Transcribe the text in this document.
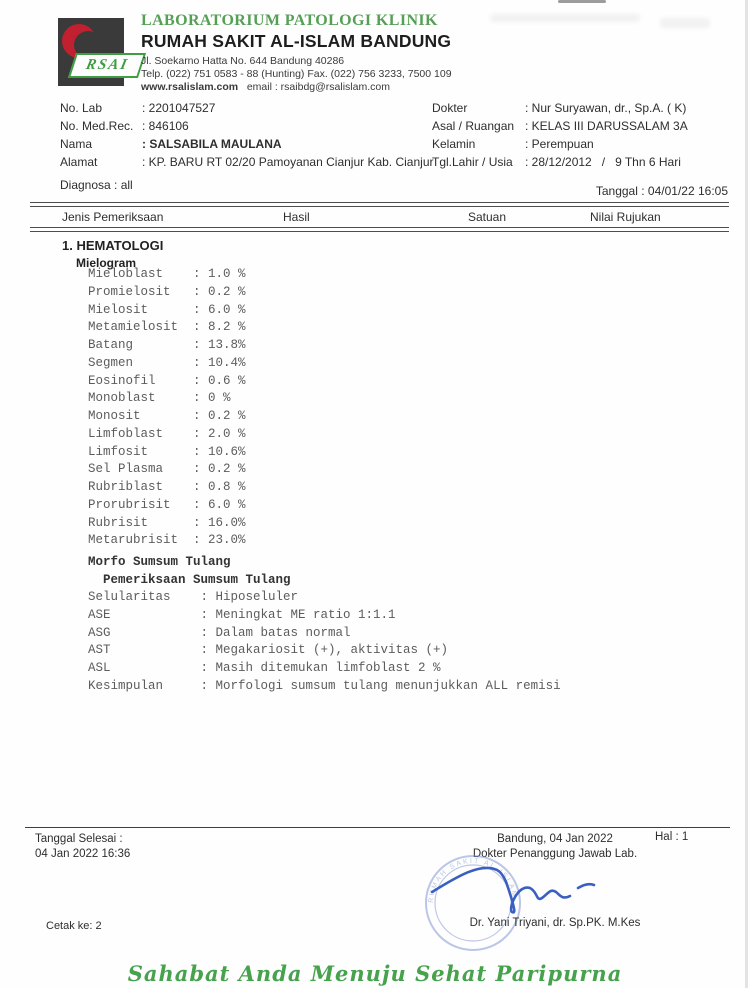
RSAI
LABORATORIUM PATOLOGI KLINIK
RUMAH SAKIT AL-ISLAM BANDUNG
Jl. Soekarno Hatta No. 644 Bandung 40286
Telp. (022) 751 0583 - 88 (Hunting) Fax. (022) 756 3233, 7500 109
www.rsalislam.com email : rsaibdg@rsalislam.com
No. Lab	: 2201047527
No. Med.Rec. : 846106
Nama	: SALSABILA MAULANA
Alamat	: KP. BARU RT 02/20 Pamoyanan Cianjur Kab. Cianjur
Dokter	: Nur Suryawan, dr., Sp.A. ( K)
Asal / Ruangan : KELAS III DARUSSALAM 3A
Kelamin	: Perempuan
Tgl.Lahir / Usia	: 28/12/2012   /   9 Thn 6 Hari
Diagnosa : all	Tanggal : 04/01/22 16:05
Jenis Pemeriksaan	Hasil	Satuan	Nilai Rujukan
1. HEMATOLOGI
Mielogram
Mieloblast : 1.0 %
Promielosit : 0.2 %
Mielosit	: 6.0 %
Metamielosit : 8.2 %
Batang	: 13.8%
Segmen	: 10.4%
Eosinofil	: 0.6 %
Monoblast	: 0 %
Monosit	: 0.2 %
Limfoblast : 2.0 %
Limfosit	: 10.6%
Sel Plasma : 0.2 %
Rubriblast : 0.8 %
Prorubrisit : 6.0 %
Rubrisit	: 16.0%
Metarubrisit : 23.0%
Morfo Sumsum Tulang
Pemeriksaan Sumsum Tulang
Selularitas : Hiposeluler
ASE	: Meningkat ME ratio 1:1.1
ASG	: Dalam batas normal
AST	: Megakariosit (+), aktivitas (+)
ASL	: Masih ditemukan limfoblast 2 %
Kesimpulan	: Morfologi sumsum tulang menunjukkan ALL remisi
Tanggal Selesai :
04 Jan 2022 16:36
Bandung, 04 Jan 2022
Dokter Penanggung Jawab Lab.
Hal : 1
RUMAH SAKIT AL-ISLAM
Dr. Yani Triyani, dr. Sp.PK. M.Kes
Cetak ke: 2
Sahabat Anda Menuju Sehat Paripurna
